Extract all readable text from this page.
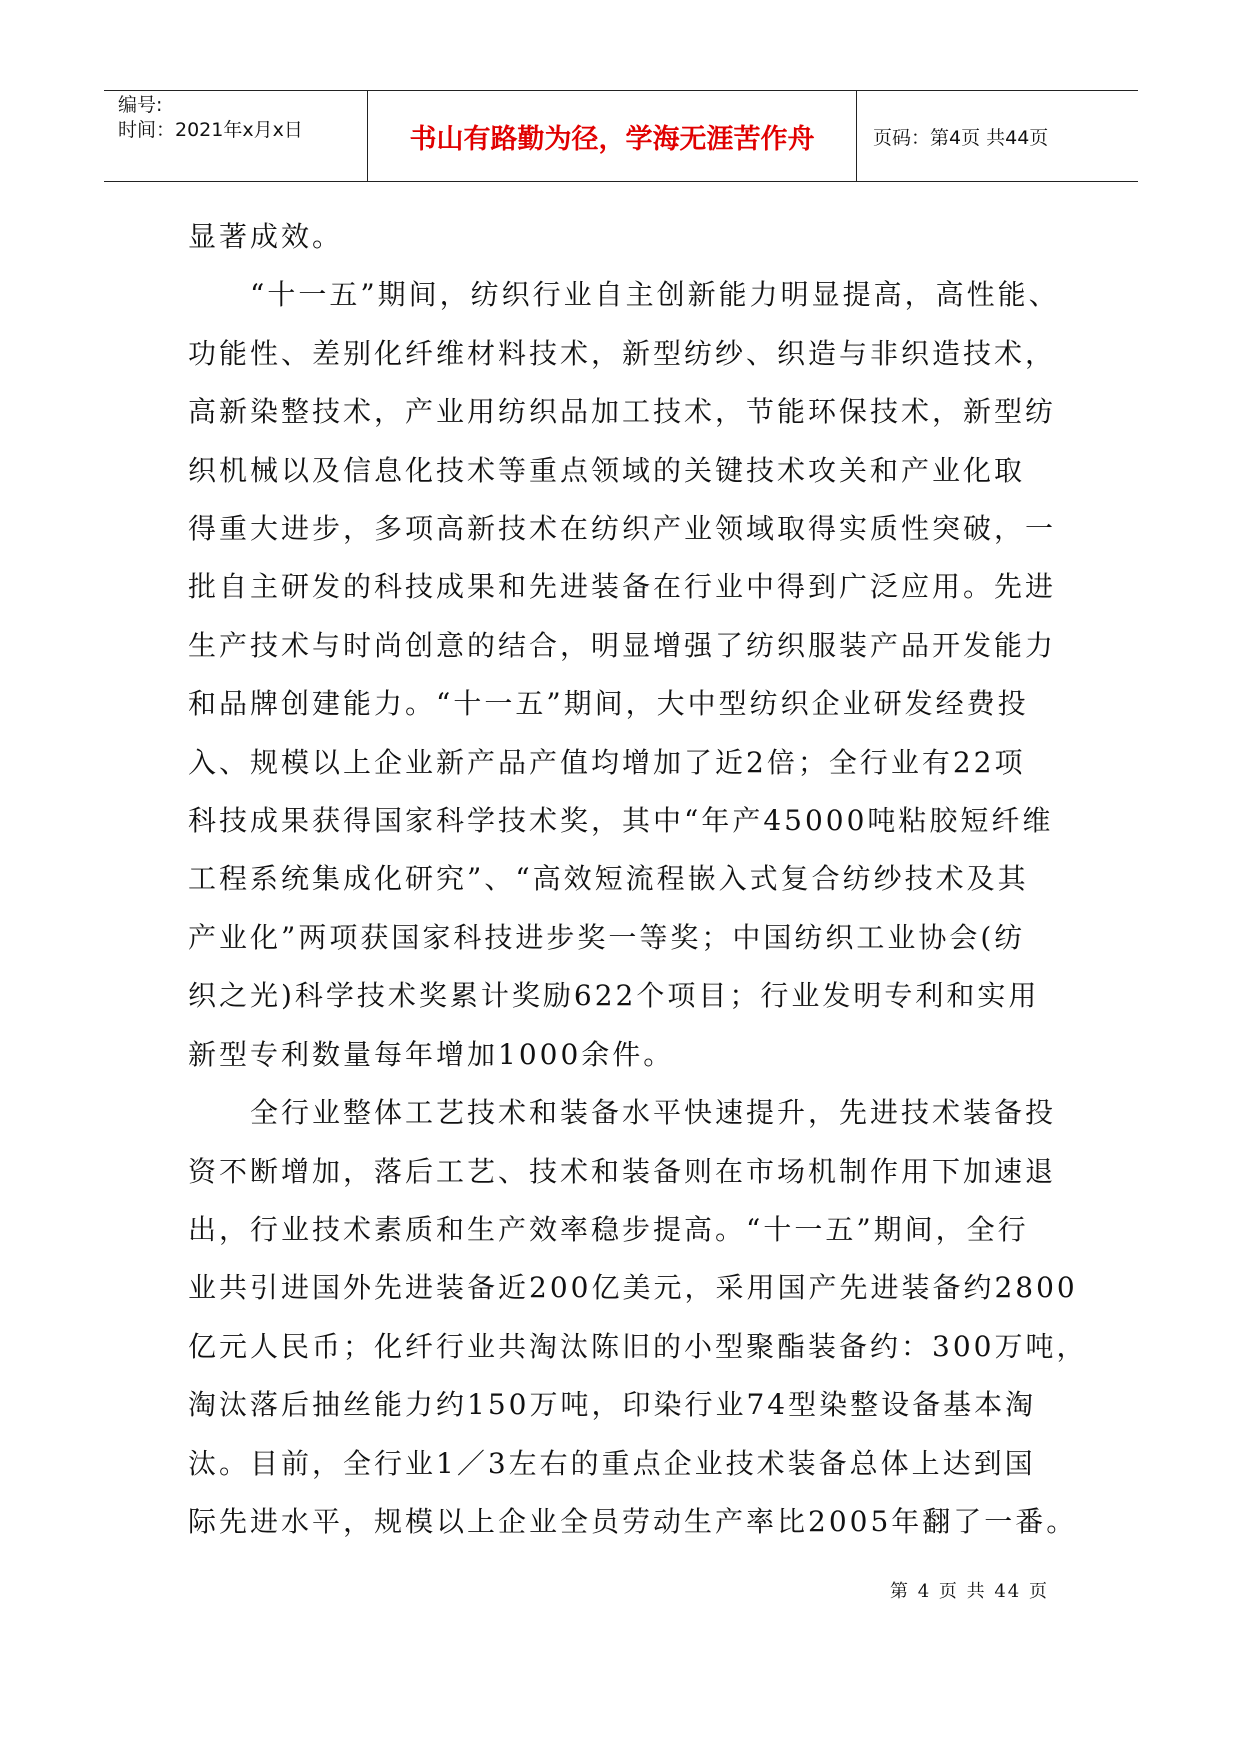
编号:
时间：2021年x月x日	书山有路勤为径，学海无涯苦作舟	页码：第4页 共44页

显著成效。

　　“十一五”期间，纺织行业自主创新能力明显提高，高性能、

功能性、差别化纤维材料技术，新型纺纱、织造与非织造技术，

高新染整技术，产业用纺织品加工技术，节能环保技术，新型纺

织机械以及信息化技术等重点领域的关键技术攻关和产业化取

得重大进步，多项高新技术在纺织产业领域取得实质性突破，一

批自主研发的科技成果和先进装备在行业中得到广泛应用。先进

生产技术与时尚创意的结合，明显增强了纺织服装产品开发能力

和品牌创建能力。“十一五”期间，大中型纺织企业研发经费投

入、规模以上企业新产品产值均增加了近2倍；全行业有22项

科技成果获得国家科学技术奖，其中“年产45000吨粘胶短纤维

工程系统集成化研究”、“高效短流程嵌入式复合纺纱技术及其

产业化”两项获国家科技进步奖一等奖；中国纺织工业协会(纺

织之光)科学技术奖累计奖励622个项目；行业发明专利和实用

新型专利数量每年增加1000余件。

　　全行业整体工艺技术和装备水平快速提升，先进技术装备投

资不断增加，落后工艺、技术和装备则在市场机制作用下加速退

出，行业技术素质和生产效率稳步提高。“十一五”期间，全行

业共引进国外先进装备近200亿美元，采用国产先进装备约2800

亿元人民币；化纤行业共淘汰陈旧的小型聚酯装备约：300万吨，

淘汰落后抽丝能力约150万吨，印染行业74型染整设备基本淘

汰。目前，全行业1／3左右的重点企业技术装备总体上达到国

际先进水平，规模以上企业全员劳动生产率比2005年翻了一番。

第 4 页 共 44 页
